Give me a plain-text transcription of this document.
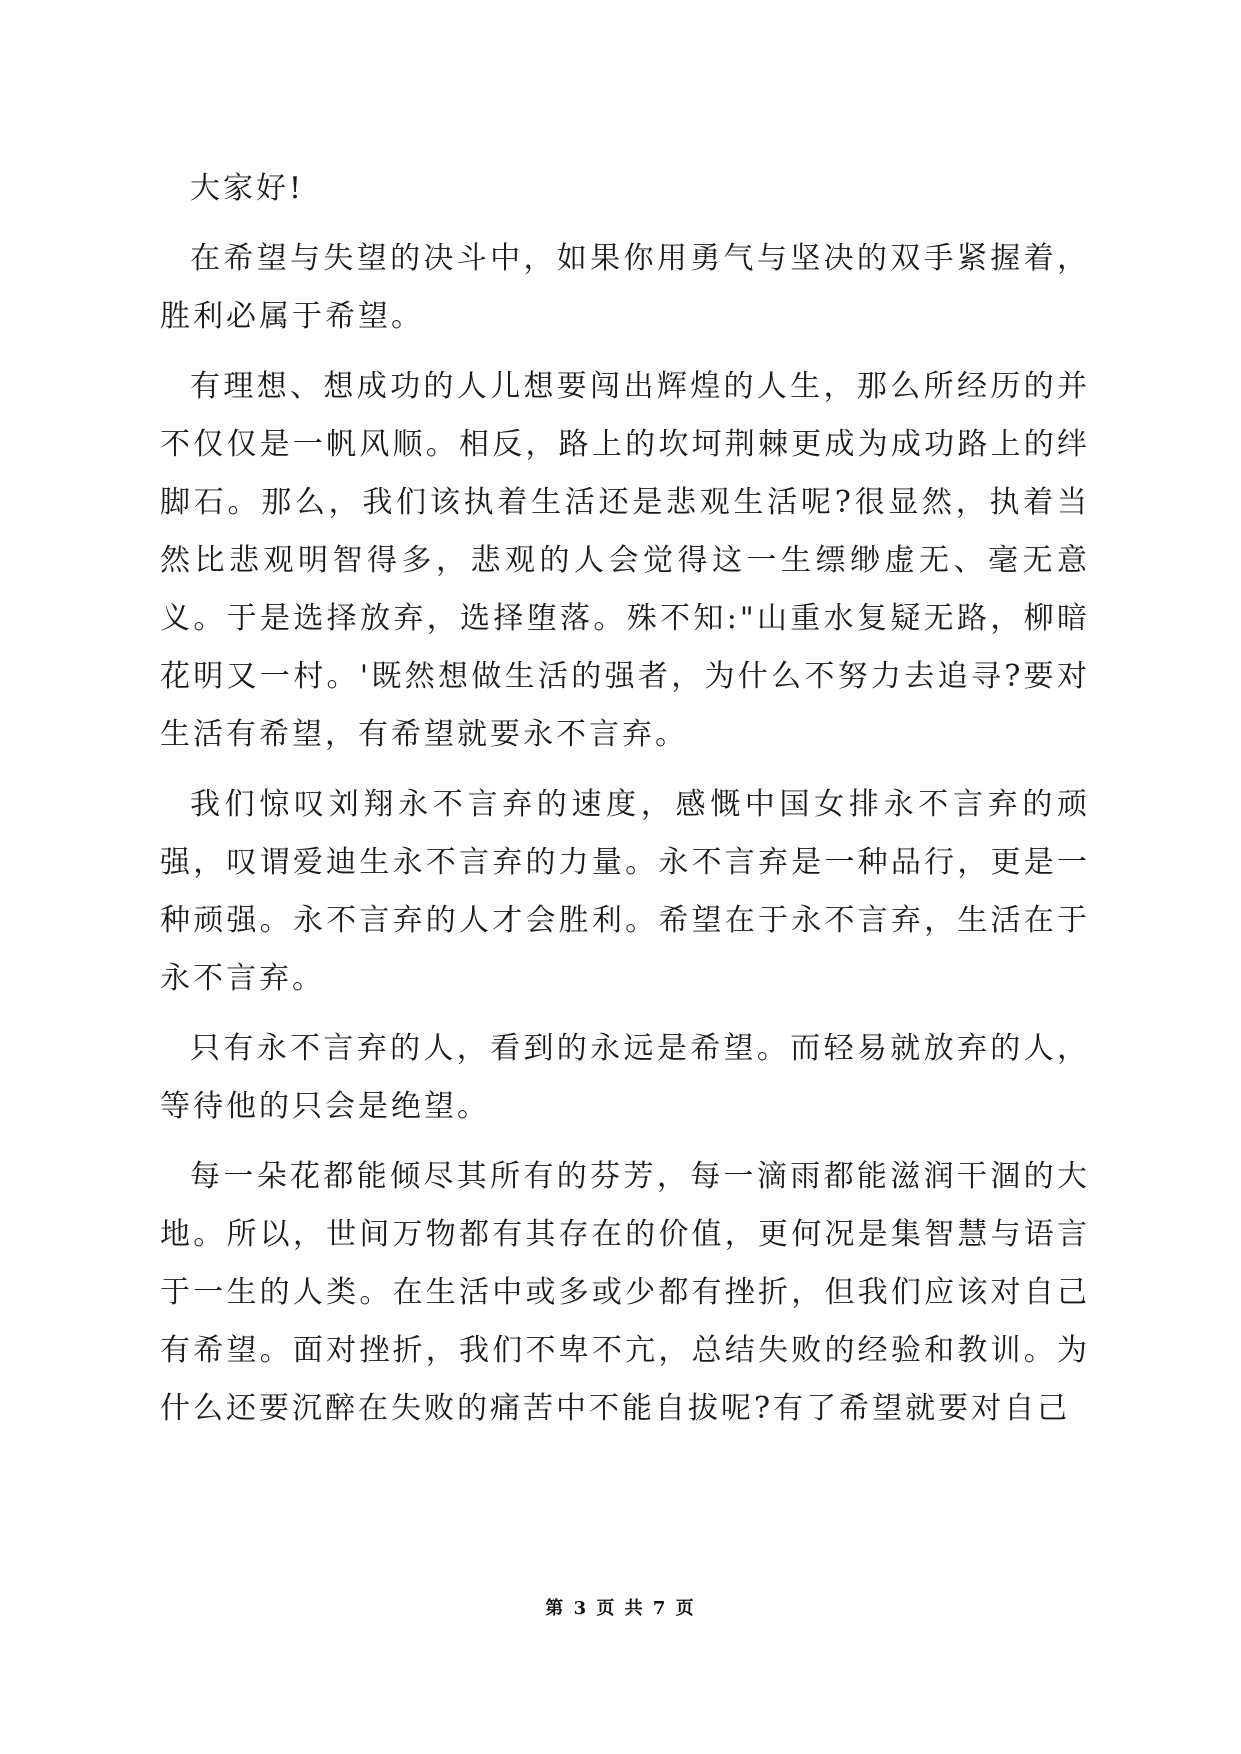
大家好!

在希望与失望的决斗中，如果你用勇气与坚决的双手紧握着，胜利必属于希望。

有理想、想成功的人儿想要闯出辉煌的人生，那么所经历的并不仅仅是一帆风顺。相反，路上的坎坷荆棘更成为成功路上的绊脚石。那么，我们该执着生活还是悲观生活呢?很显然，执着当然比悲观明智得多，悲观的人会觉得这一生缥缈虚无、毫无意义。于是选择放弃，选择堕落。殊不知:"山重水复疑无路，柳暗花明又一村。'既然想做生活的强者，为什么不努力去追寻?要对生活有希望，有希望就要永不言弃。

我们惊叹刘翔永不言弃的速度，感慨中国女排永不言弃的顽强，叹谓爱迪生永不言弃的力量。永不言弃是一种品行，更是一种顽强。永不言弃的人才会胜利。希望在于永不言弃，生活在于永不言弃。

只有永不言弃的人，看到的永远是希望。而轻易就放弃的人，等待他的只会是绝望。

每一朵花都能倾尽其所有的芬芳，每一滴雨都能滋润干涸的大地。所以，世间万物都有其存在的价值，更何况是集智慧与语言于一生的人类。在生活中或多或少都有挫折，但我们应该对自己有希望。面对挫折，我们不卑不亢，总结失败的经验和教训。为什么还要沉醉在失败的痛苦中不能自拔呢?有了希望就要对自己

第 3 页 共 7 页
